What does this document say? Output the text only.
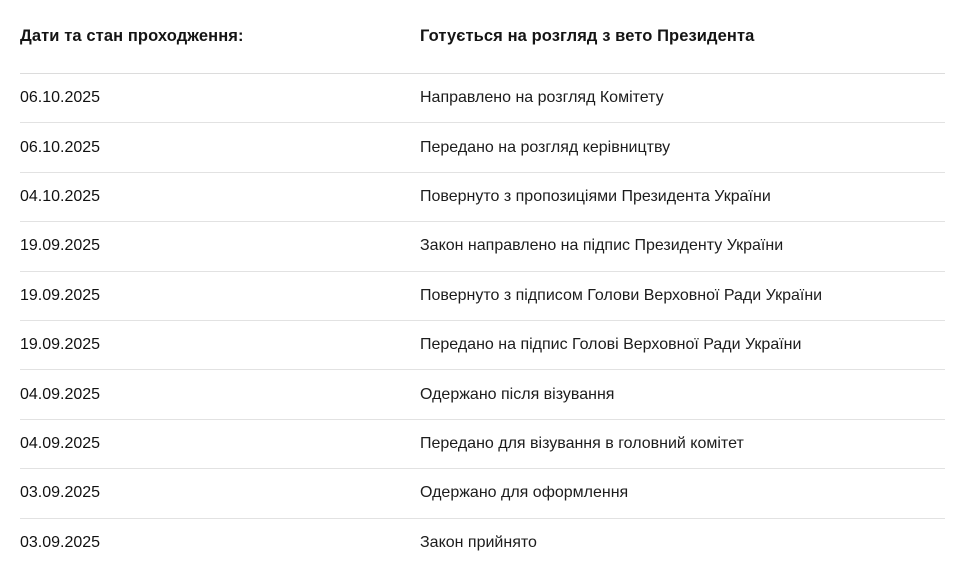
Дати та стан проходження:	Готується на розгляд з вето Президента
06.10.2025	Направлено на розгляд Комітету
06.10.2025	Передано на розгляд керівництву
04.10.2025	Повернуто з пропозиціями Президента України
19.09.2025	Закон направлено на підпис Президенту України
19.09.2025	Повернуто з підписом Голови Верховної Ради України
19.09.2025	Передано на підпис Голові Верховної Ради України
04.09.2025	Одержано після візування
04.09.2025	Передано для візування в головний комітет
03.09.2025	Одержано для оформлення
03.09.2025	Закон прийнято
